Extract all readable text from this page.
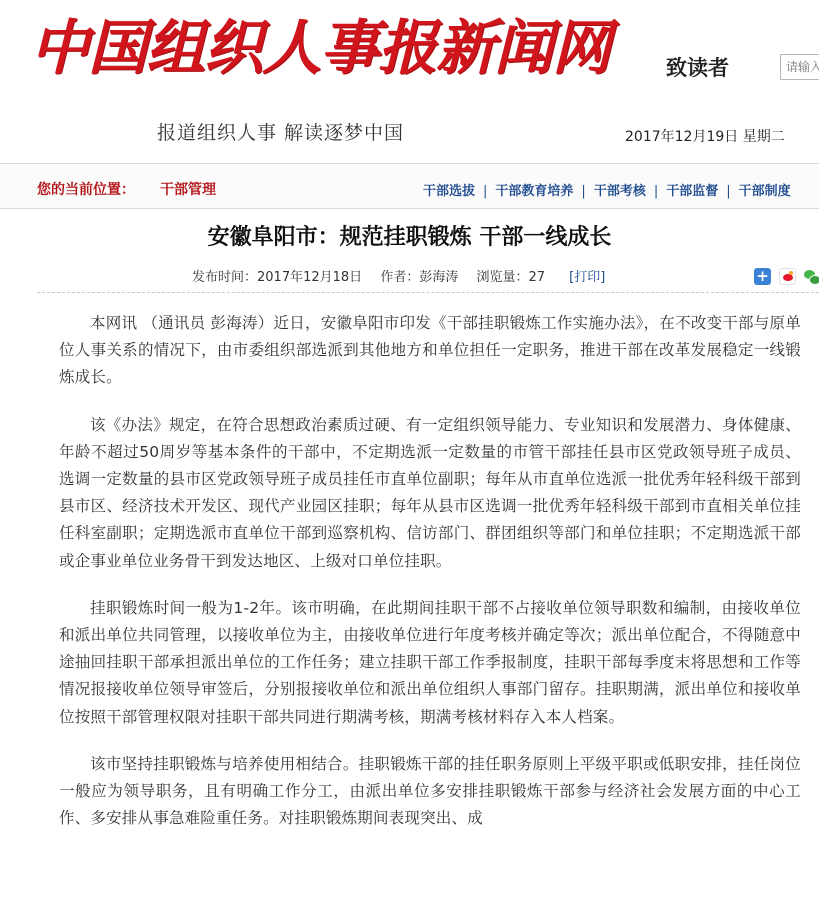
中国组织人事报新闻网	致读者
请输入
报道组织人事 解读逐梦中国	2017年12月19日 星期二
您的当前位置： 干部管理	干部选拔 | 干部教育培养 | 干部考核 | 干部监督 | 干部制度
安徽阜阳市：规范挂职锻炼 干部一线成长
发布时间：2017年12月18日 作者：彭海涛 浏览量：27 [打印]	+

本网讯 （通讯员 彭海涛）近日，安徽阜阳市印发《干部挂职锻炼工作实施办法》，在不改变干部与原单位人事关系的情况下，由市委组织部选派到其他地方和单位担任一定职务，推进干部在改革发展稳定一线锻炼成长。

该《办法》规定，在符合思想政治素质过硬、有一定组织领导能力、专业知识和发展潜力、身体健康、年龄不超过50周岁等基本条件的干部中，不定期选派一定数量的市管干部挂任县市区党政领导班子成员、选调一定数量的县市区党政领导班子成员挂任市直单位副职；每年从市直单位选派一批优秀年轻科级干部到县市区、经济技术开发区、现代产业园区挂职；每年从县市区选调一批优秀年轻科级干部到市直相关单位挂任科室副职；定期选派市直单位干部到巡察机构、信访部门、群团组织等部门和单位挂职；不定期选派干部或企事业单位业务骨干到发达地区、上级对口单位挂职。

挂职锻炼时间一般为1-2年。该市明确，在此期间挂职干部不占接收单位领导职数和编制，由接收单位和派出单位共同管理，以接收单位为主，由接收单位进行年度考核并确定等次；派出单位配合，不得随意中途抽回挂职干部承担派出单位的工作任务；建立挂职干部工作季报制度，挂职干部每季度末将思想和工作等情况报接收单位领导审签后，分别报接收单位和派出单位组织人事部门留存。挂职期满，派出单位和接收单位按照干部管理权限对挂职干部共同进行期满考核，期满考核材料存入本人档案。

该市坚持挂职锻炼与培养使用相结合。挂职锻炼干部的挂任职务原则上平级平职或低职安排，挂任岗位一般应为领导职务，且有明确工作分工，由派出单位多安排挂职锻炼干部参与经济社会发展方面的中心工作、多安排从事急难险重任务。对挂职锻炼期间表现突出、成
